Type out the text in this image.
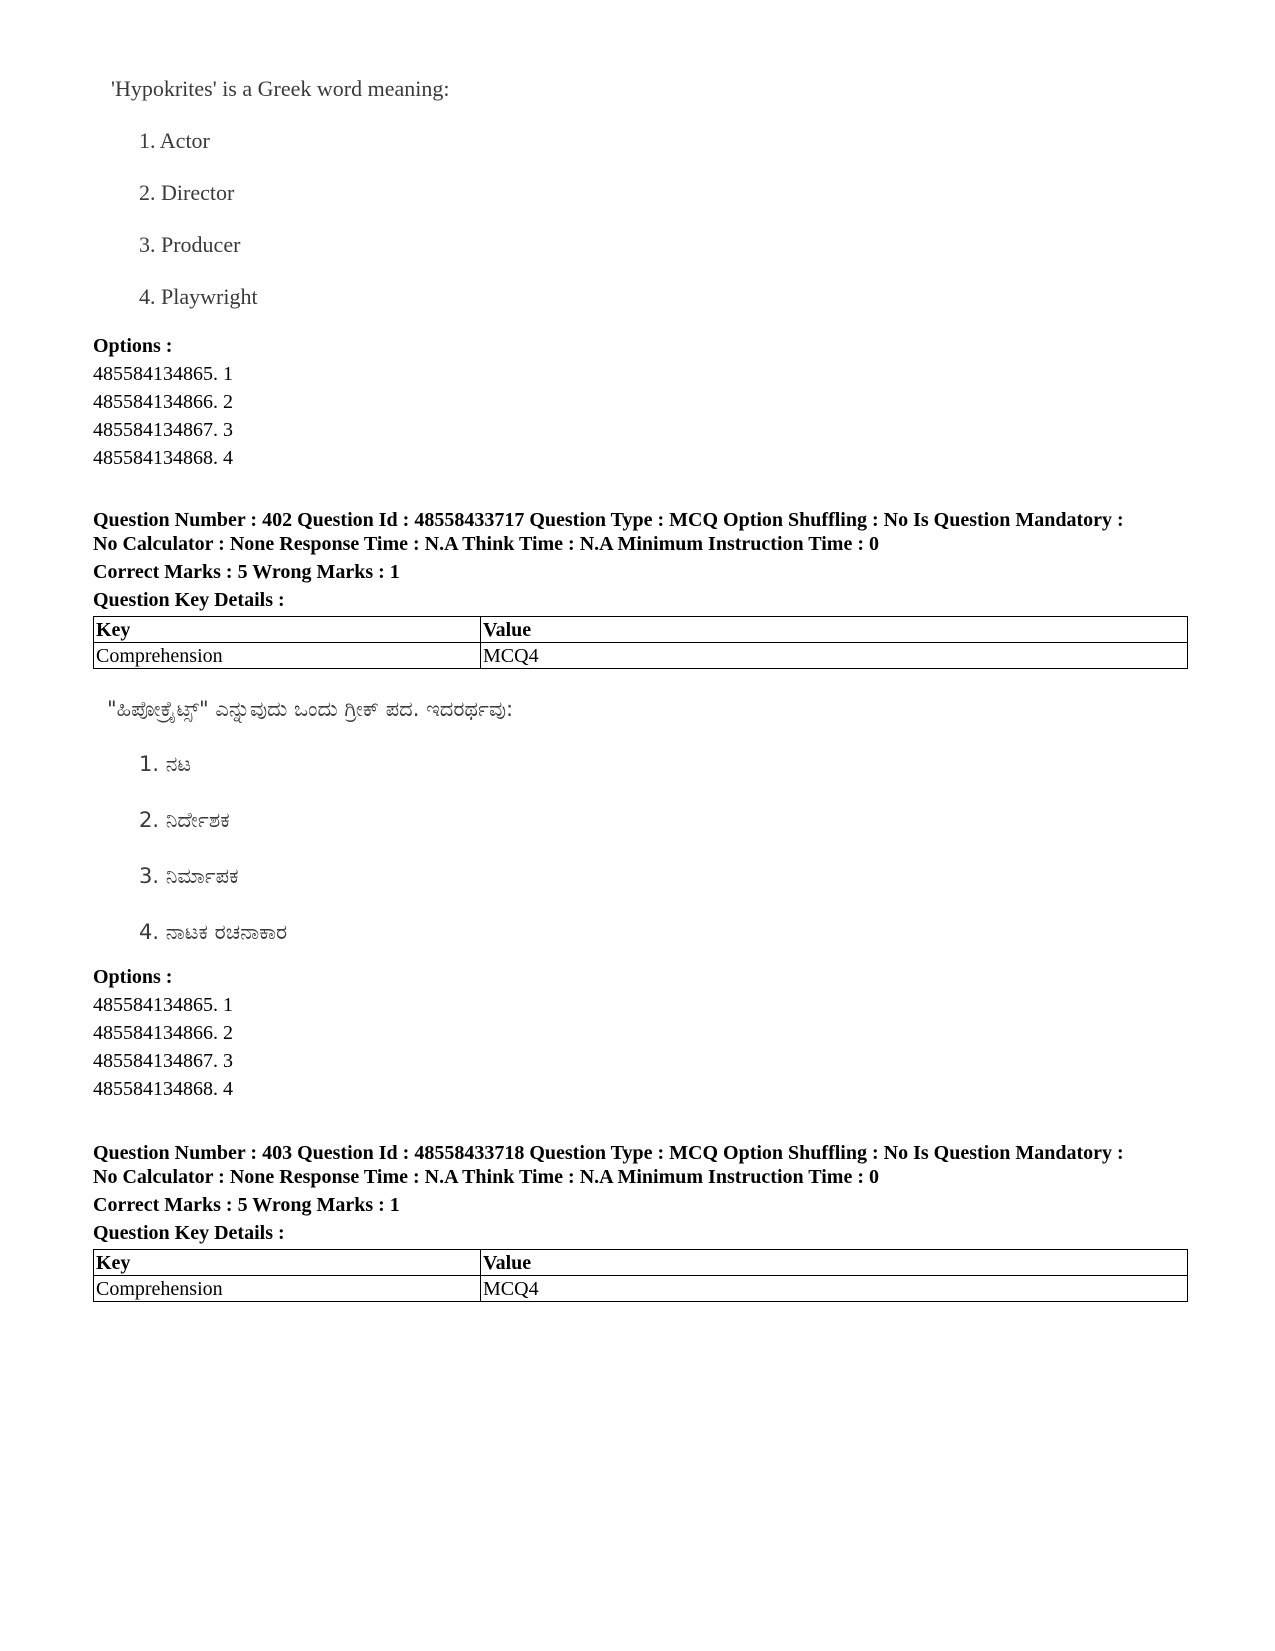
'Hypokrites' is a Greek word meaning:
1. Actor
2. Director
3. Producer
4. Playwright
Options :
485584134865. 1
485584134866. 2
485584134867. 3
485584134868. 4
Question Number : 402 Question Id : 48558433717 Question Type : MCQ Option Shuffling : No Is Question Mandatory :
No Calculator : None Response Time : N.A Think Time : N.A Minimum Instruction Time : 0
Correct Marks : 5 Wrong Marks : 1
Question Key Details :
Key	Value
Comprehension	MCQ4
"ಹಿಪೋಕ್ರೈಟ್ಸ್" ಎನ್ನುವುದು ಒಂದು ಗ್ರೀಕ್ ಪದ. ಇದರರ್ಥವು:
1. ನಟ
2. ನಿರ್ದೇಶಕ
3. ನಿರ್ಮಾಪಕ
4. ನಾಟಕ ರಚನಾಕಾರ
Options :
485584134865. 1
485584134866. 2
485584134867. 3
485584134868. 4
Question Number : 403 Question Id : 48558433718 Question Type : MCQ Option Shuffling : No Is Question Mandatory :
No Calculator : None Response Time : N.A Think Time : N.A Minimum Instruction Time : 0
Correct Marks : 5 Wrong Marks : 1
Question Key Details :
Key	Value
Comprehension	MCQ4
